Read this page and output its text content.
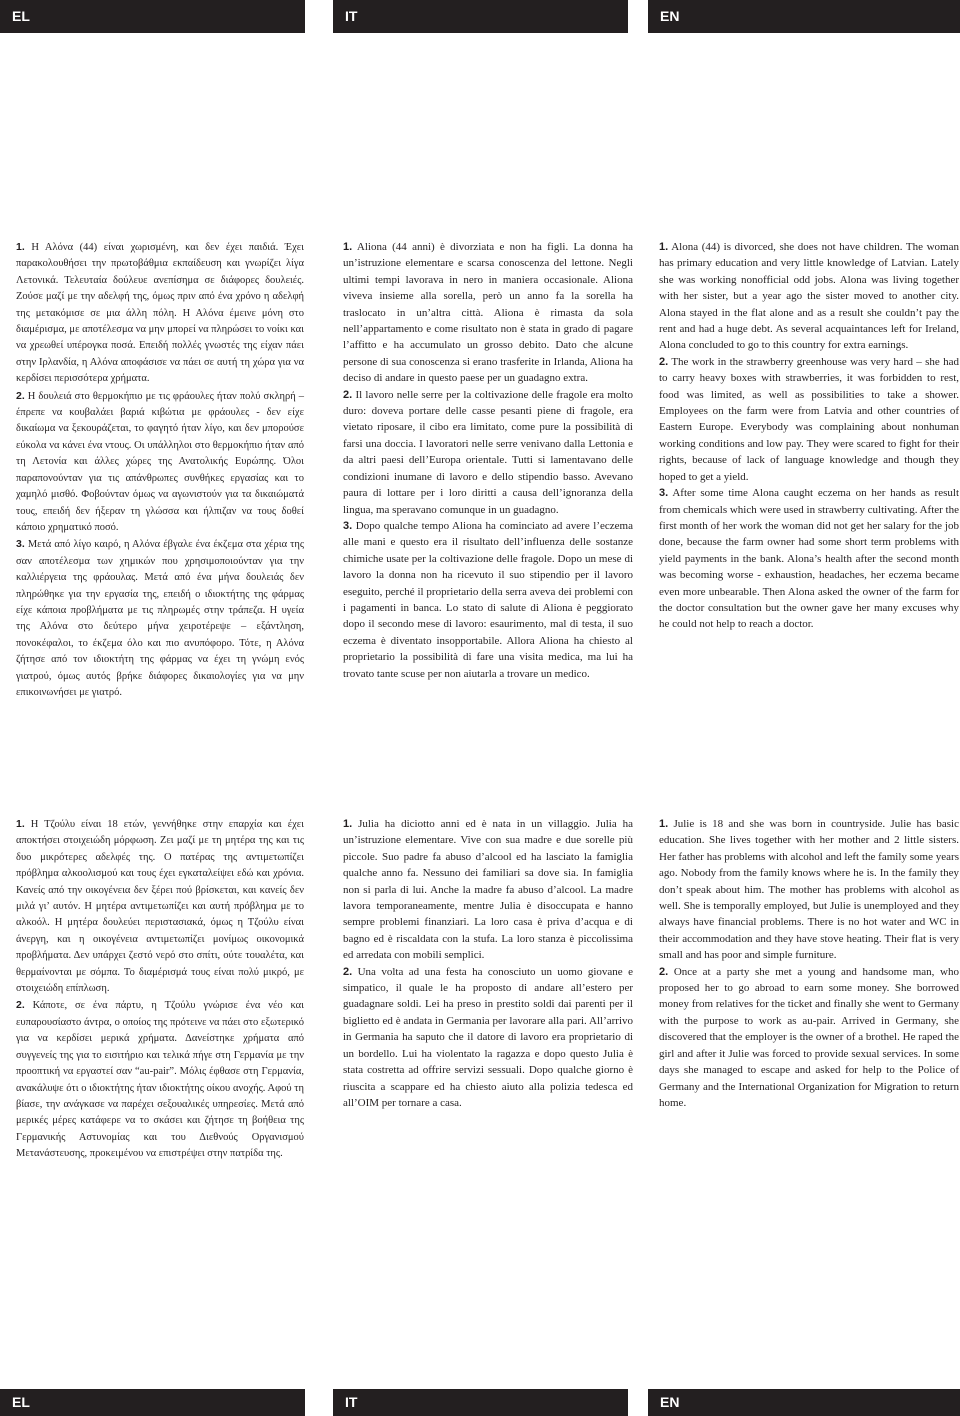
EL	IT	EN

1. Η Αλόνα (44) είναι χωρισμένη, και δεν έχει παιδιά. Έχει παρακολουθήσει την πρωτοβάθμια εκπαίδευση και γνωρίζει λίγα Λετονικά. Τελευταία δούλευε ανεπίσημα σε διάφορες δουλειές. Ζούσε μαζί με την αδελφή της, όμως πριν από ένα χρόνο η αδελφή της μετακόμισε σε μια άλλη πόλη. Η Αλόνα έμεινε μόνη στο διαμέρισμα, με αποτέλεσμα να μην μπορεί να πληρώσει το νοίκι και να χρεωθεί υπέρογκα ποσά. Επειδή πολλές γνωστές της είχαν πάει στην Ιρλανδία, η Αλόνα αποφάσισε να πάει σε αυτή τη χώρα για να κερδίσει περισσότερα χρήματα.

2. Η δουλειά στο θερμοκήπιο με τις φράουλες ήταν πολύ σκληρή – έπρεπε να κουβαλάει βαριά κιβώτια με φράουλες - δεν είχε δικαίωμα να ξεκουράζεται, το φαγητό ήταν λίγο, και δεν μπορούσε εύκολα να κάνει ένα ντους. Οι υπάλληλοι στο θερμοκήπιο ήταν από τη Λετονία και άλλες χώρες της Ανατολικής Ευρώπης. Όλοι παραπονούνταν για τις απάνθρωπες συνθήκες εργασίας και το χαμηλό μισθό. Φοβούνταν όμως να αγωνιστούν για τα δικαιώματά τους, επειδή δεν ήξεραν τη γλώσσα και ήλπιζαν να τους δοθεί κάποιο χρηματικό ποσό.

3. Μετά από λίγο καιρό, η Αλόνα έβγαλε ένα έκζεμα στα χέρια της σαν αποτέλεσμα των χημικών που χρησιμοποιούνταν για την καλλιέργεια της φράουλας. Μετά από ένα μήνα δουλειάς δεν πληρώθηκε για την εργασία της, επειδή ο ιδιοκτήτης της φάρμας είχε κάποια προβλήματα με τις πληρωμές στην τράπεζα. Η υγεία της Αλόνα στο δεύτερο μήνα χειροτέρεψε – εξάντληση, πονοκέφαλοι, το έκζεμα όλο και πιο ανυπόφορο. Τότε, η Αλόνα ζήτησε από τον ιδιοκτήτη της φάρμας να έχει τη γνώμη ενός γιατρού, όμως αυτός βρήκε διάφορες δικαιολογίες για να μην επικοινωνήσει με γιατρό.

1. Aliona (44 anni) è divorziata e non ha figli. La donna ha un’istruzione elementare e scarsa conoscenza del lettone. Negli ultimi tempi lavorava in nero in maniera occasionale. Aliona viveva insieme alla sorella, però un anno fa la sorella ha traslocato in un’altra città. Aliona è rimasta da sola nell’appartamento e come risultato non è stata in grado di pagare l’affitto e ha accumulato un grosso debito. Dato che alcune persone di sua conoscenza si erano trasferite in Irlanda, Aliona ha deciso di andare in questo paese per un guadagno extra.

2. Il lavoro nelle serre per la coltivazione delle fragole era molto duro: doveva portare delle casse pesanti piene di fragole, era vietato riposare, il cibo era limitato, come pure la possibilità di farsi una doccia. I lavoratori nelle serre venivano dalla Lettonia e da altri paesi dell’Europa orientale. Tutti si lamentavano delle condizioni inumane di lavoro e dello stipendio basso. Avevano paura di lottare per i loro diritti a causa dell’ignoranza della lingua, ma speravano comunque in un guadagno.

3. Dopo qualche tempo Aliona ha cominciato ad avere l’eczema alle mani e questo era il risultato dell’influenza delle sostanze chimiche usate per la coltivazione delle fragole. Dopo un mese di lavoro la donna non ha ricevuto il suo stipendio per il lavoro eseguito, perché il proprietario della serra aveva dei problemi con i pagamenti in banca. Lo stato di salute di Aliona è peggiorato dopo il secondo mese di lavoro: esaurimento, mal di testa, il suo eczema è diventato insopportabile. Allora Aliona ha chiesto al proprietario la possibilità di fare una visita medica, ma lui ha trovato tante scuse per non aiutarla a trovare un medico.

1. Alona (44) is divorced, she does not have children. The woman has primary education and very little knowledge of Latvian. Lately she was working nonofficial odd jobs. Alona was living together with her sister, but a year ago the sister moved to another city. Alona stayed in the flat alone and as a result she couldn’t pay the rent and had a huge debt. As several acquaintances left for Ireland, Alona concluded to go to this country for extra earnings.

2. The work in the strawberry greenhouse was very hard – she had to carry heavy boxes with strawberries, it was forbidden to rest, food was limited, as well as possibilities to take a shower. Employees on the farm were from Latvia and other countries of Eastern Europe. Everybody was complaining about nonhuman working conditions and low pay. They were scared to fight for their rights, because of lack of language knowledge and though they hoped to get a yield.

3. After some time Alona caught eczema on her hands as result from chemicals which were used in strawberry cultivating. After the first month of her work the woman did not get her salary for the job done, because the farm owner had some short term problems with yield payments in the bank. Alona’s health after the second month was becoming worse - exhaustion, headaches, her eczema became even more unbearable. Then Alona asked the owner of the farm for the doctor consultation but the owner gave her many excuses why he could not help to reach a doctor.

1. Η Τζούλυ είναι 18 ετών, γεννήθηκε στην επαρχία και έχει αποκτήσει στοιχειώδη μόρφωση. Ζει μαζί με τη μητέρα της και τις δυο μικρότερες αδελφές της. Ο πατέρας της αντιμετωπίζει πρόβλημα αλκοολισμού και τους έχει εγκαταλείψει εδώ και χρόνια. Κανείς από την οικογένεια δεν ξέρει πού βρίσκεται, και κανείς δεν μιλά γι’ αυτόν. Η μητέρα αντιμετωπίζει και αυτή πρόβλημα με το αλκοόλ. Η μητέρα δουλεύει περιστασιακά, όμως η Τζούλυ είναι άνεργη, και η οικογένεια αντιμετωπίζει μονίμως οικονομικά προβλήματα. Δεν υπάρχει ζεστό νερό στο σπίτι, ούτε τουαλέτα, και θερμαίνονται με σόμπα. Το διαμέρισμά τους είναι πολύ μικρό, με στοιχειώδη επίπλωση.

2. Κάποτε, σε ένα πάρτυ, η Τζούλυ γνώρισε ένα νέο και ευπαρουσίαστο άντρα, ο οποίος της πρότεινε να πάει στο εξωτερικό για να κερδίσει μερικά χρήματα. Δανείστηκε χρήματα από συγγενείς της για το εισιτήριο και τελικά πήγε στη Γερμανία με την προοπτική να εργαστεί σαν “au-pair”. Μόλις έφθασε στη Γερμανία, ανακάλυψε ότι ο ιδιοκτήτης ήταν ιδιοκτήτης οίκου ανοχής. Αφού τη βίασε, την ανάγκασε να παρέχει σεξουαλικές υπηρεσίες. Μετά από μερικές μέρες κατάφερε να το σκάσει και ζήτησε τη βοήθεια της Γερμανικής Αστυνομίας και του Διεθνούς Οργανισμού Μετανάστευσης, προκειμένου να επιστρέψει στην πατρίδα της.

1. Julia ha diciotto anni ed è nata in un villaggio. Julia ha un’istruzione elementare. Vive con sua madre e due sorelle più piccole. Suo padre fa abuso d’alcool ed ha lasciato la famiglia qualche anno fa. Nessuno dei familiari sa dove sia. In famiglia non si parla di lui. Anche la madre fa abuso d’alcool. La madre lavora temporaneamente, mentre Julia è disoccupata e hanno sempre problemi finanziari. La loro casa è priva d’acqua e di bagno ed è riscaldata con la stufa. La loro stanza è piccolissima ed arredata con mobili semplici.

2. Una volta ad una festa ha conosciuto un uomo giovane e simpatico, il quale le ha proposto di andare all’estero per guadagnare soldi. Lei ha preso in prestito soldi dai parenti per il biglietto ed è andata in Germania per lavorare alla pari. All’arrivo in Germania ha saputo che il datore di lavoro era proprietario di un bordello. Lui ha violentato la ragazza e dopo questo Julia è stata costretta ad offrire servizi sessuali. Dopo qualche giorno è riuscita a scappare ed ha chiesto aiuto alla polizia tedesca ed all’OIM per tornare a casa.

1. Julie is 18 and she was born in countryside. Julie has basic education. She lives together with her mother and 2 little sisters. Her father has problems with alcohol and left the family some years ago. Nobody from the family knows where he is. In the family they don’t speak about him. The mother has problems with alcohol as well. She is temporally employed, but Julie is unemployed and they always have financial problems. There is no hot water and WC in their accommodation and they have stove heating. Their flat is very small and has poor and simple furniture.

2. Once at a party she met a young and handsome man, who proposed her to go abroad to earn some money. She borrowed money from relatives for the ticket and finally she went to Germany with the purpose to work as au-pair. Arrived in Germany, she discovered that the employer is the owner of a brothel. He raped the girl and after it Julie was forced to provide sexual services. In some days she managed to escape and asked for help to the Police of Germany and the International Organization for Migration to return home.

EL	IT	EN
